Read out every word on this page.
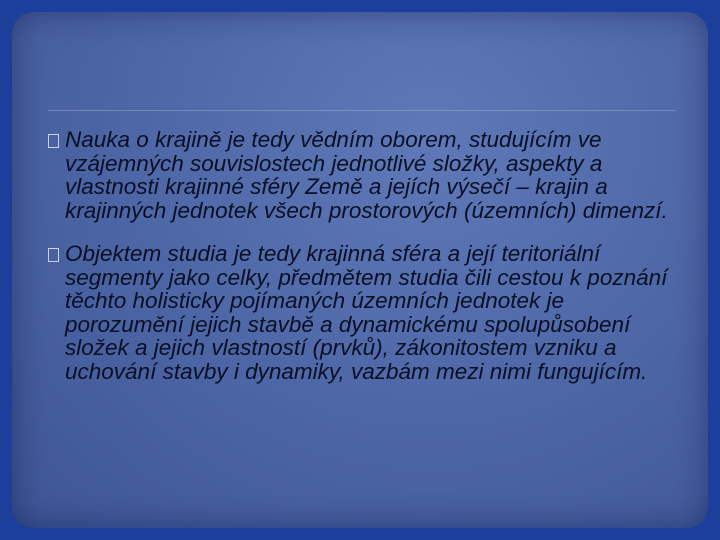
Nauka o krajině je tedy vědním oborem, studujícím ve vzájemných souvislostech jednotlivé složky, aspekty a vlastnosti krajinné sféry Země a jejích výsečí – krajin a krajinných jednotek všech prostorových (územních) dimenzí.
Objektem studia je tedy krajinná sféra a její teritoriální segmenty jako celky, předmětem studia čili cestou k poznání těchto holisticky pojímaných územních jednotek je porozumění jejich stavbě a dynamickému spolupůsobení složek a jejich vlastností (prvků), zákonitostem vzniku a uchování stavby i dynamiky, vazbám mezi nimi fungujícím.
